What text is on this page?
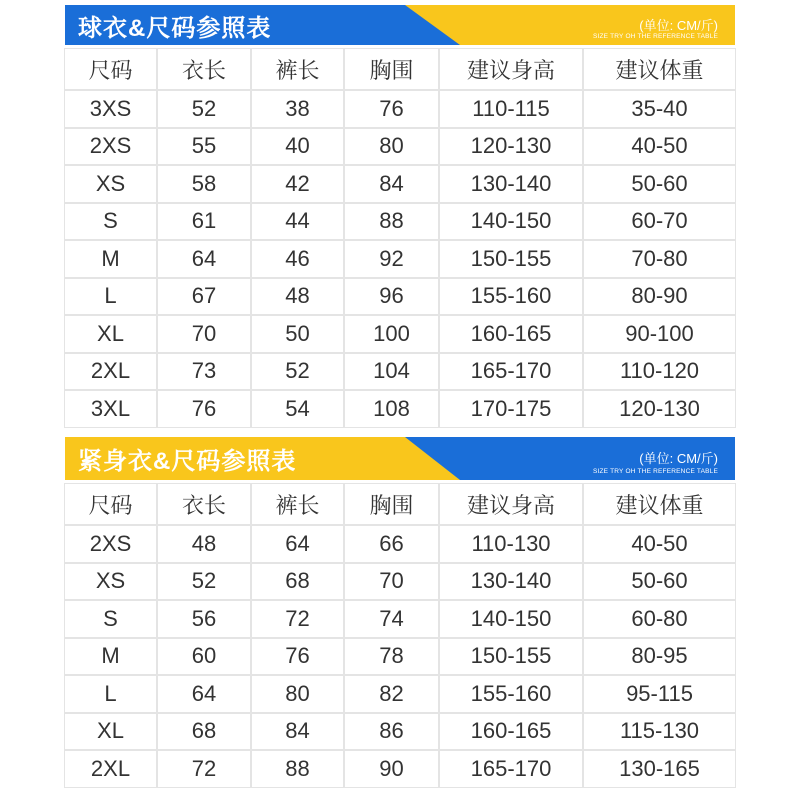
球衣&尺码参照表	(单位: CM/斤)
SIZE TRY OH THE REFERENCE TABLE
尺码	衣长	裤长	胸围	建议身高	建议体重
3XS	52	38	76	110-115	35-40
2XS	55	40	80	120-130	40-50
XS	58	42	84	130-140	50-60
S	61	44	88	140-150	60-70
M	64	46	92	150-155	70-80
L	67	48	96	155-160	80-90
XL	70	50	100	160-165	90-100
2XL	73	52	104	165-170	110-120
3XL	76	54	108	170-175	120-130
紧身衣&尺码参照表	(单位: CM/斤)
SIZE TRY OH THE REFERENCE TABLE
尺码	衣长	裤长	胸围	建议身高	建议体重
2XS	48	64	66	110-130	40-50
XS	52	68	70	130-140	50-60
S	56	72	74	140-150	60-80
M	60	76	78	150-155	80-95
L	64	80	82	155-160	95-115
XL	68	84	86	160-165	115-130
2XL	72	88	90	165-170	130-165
